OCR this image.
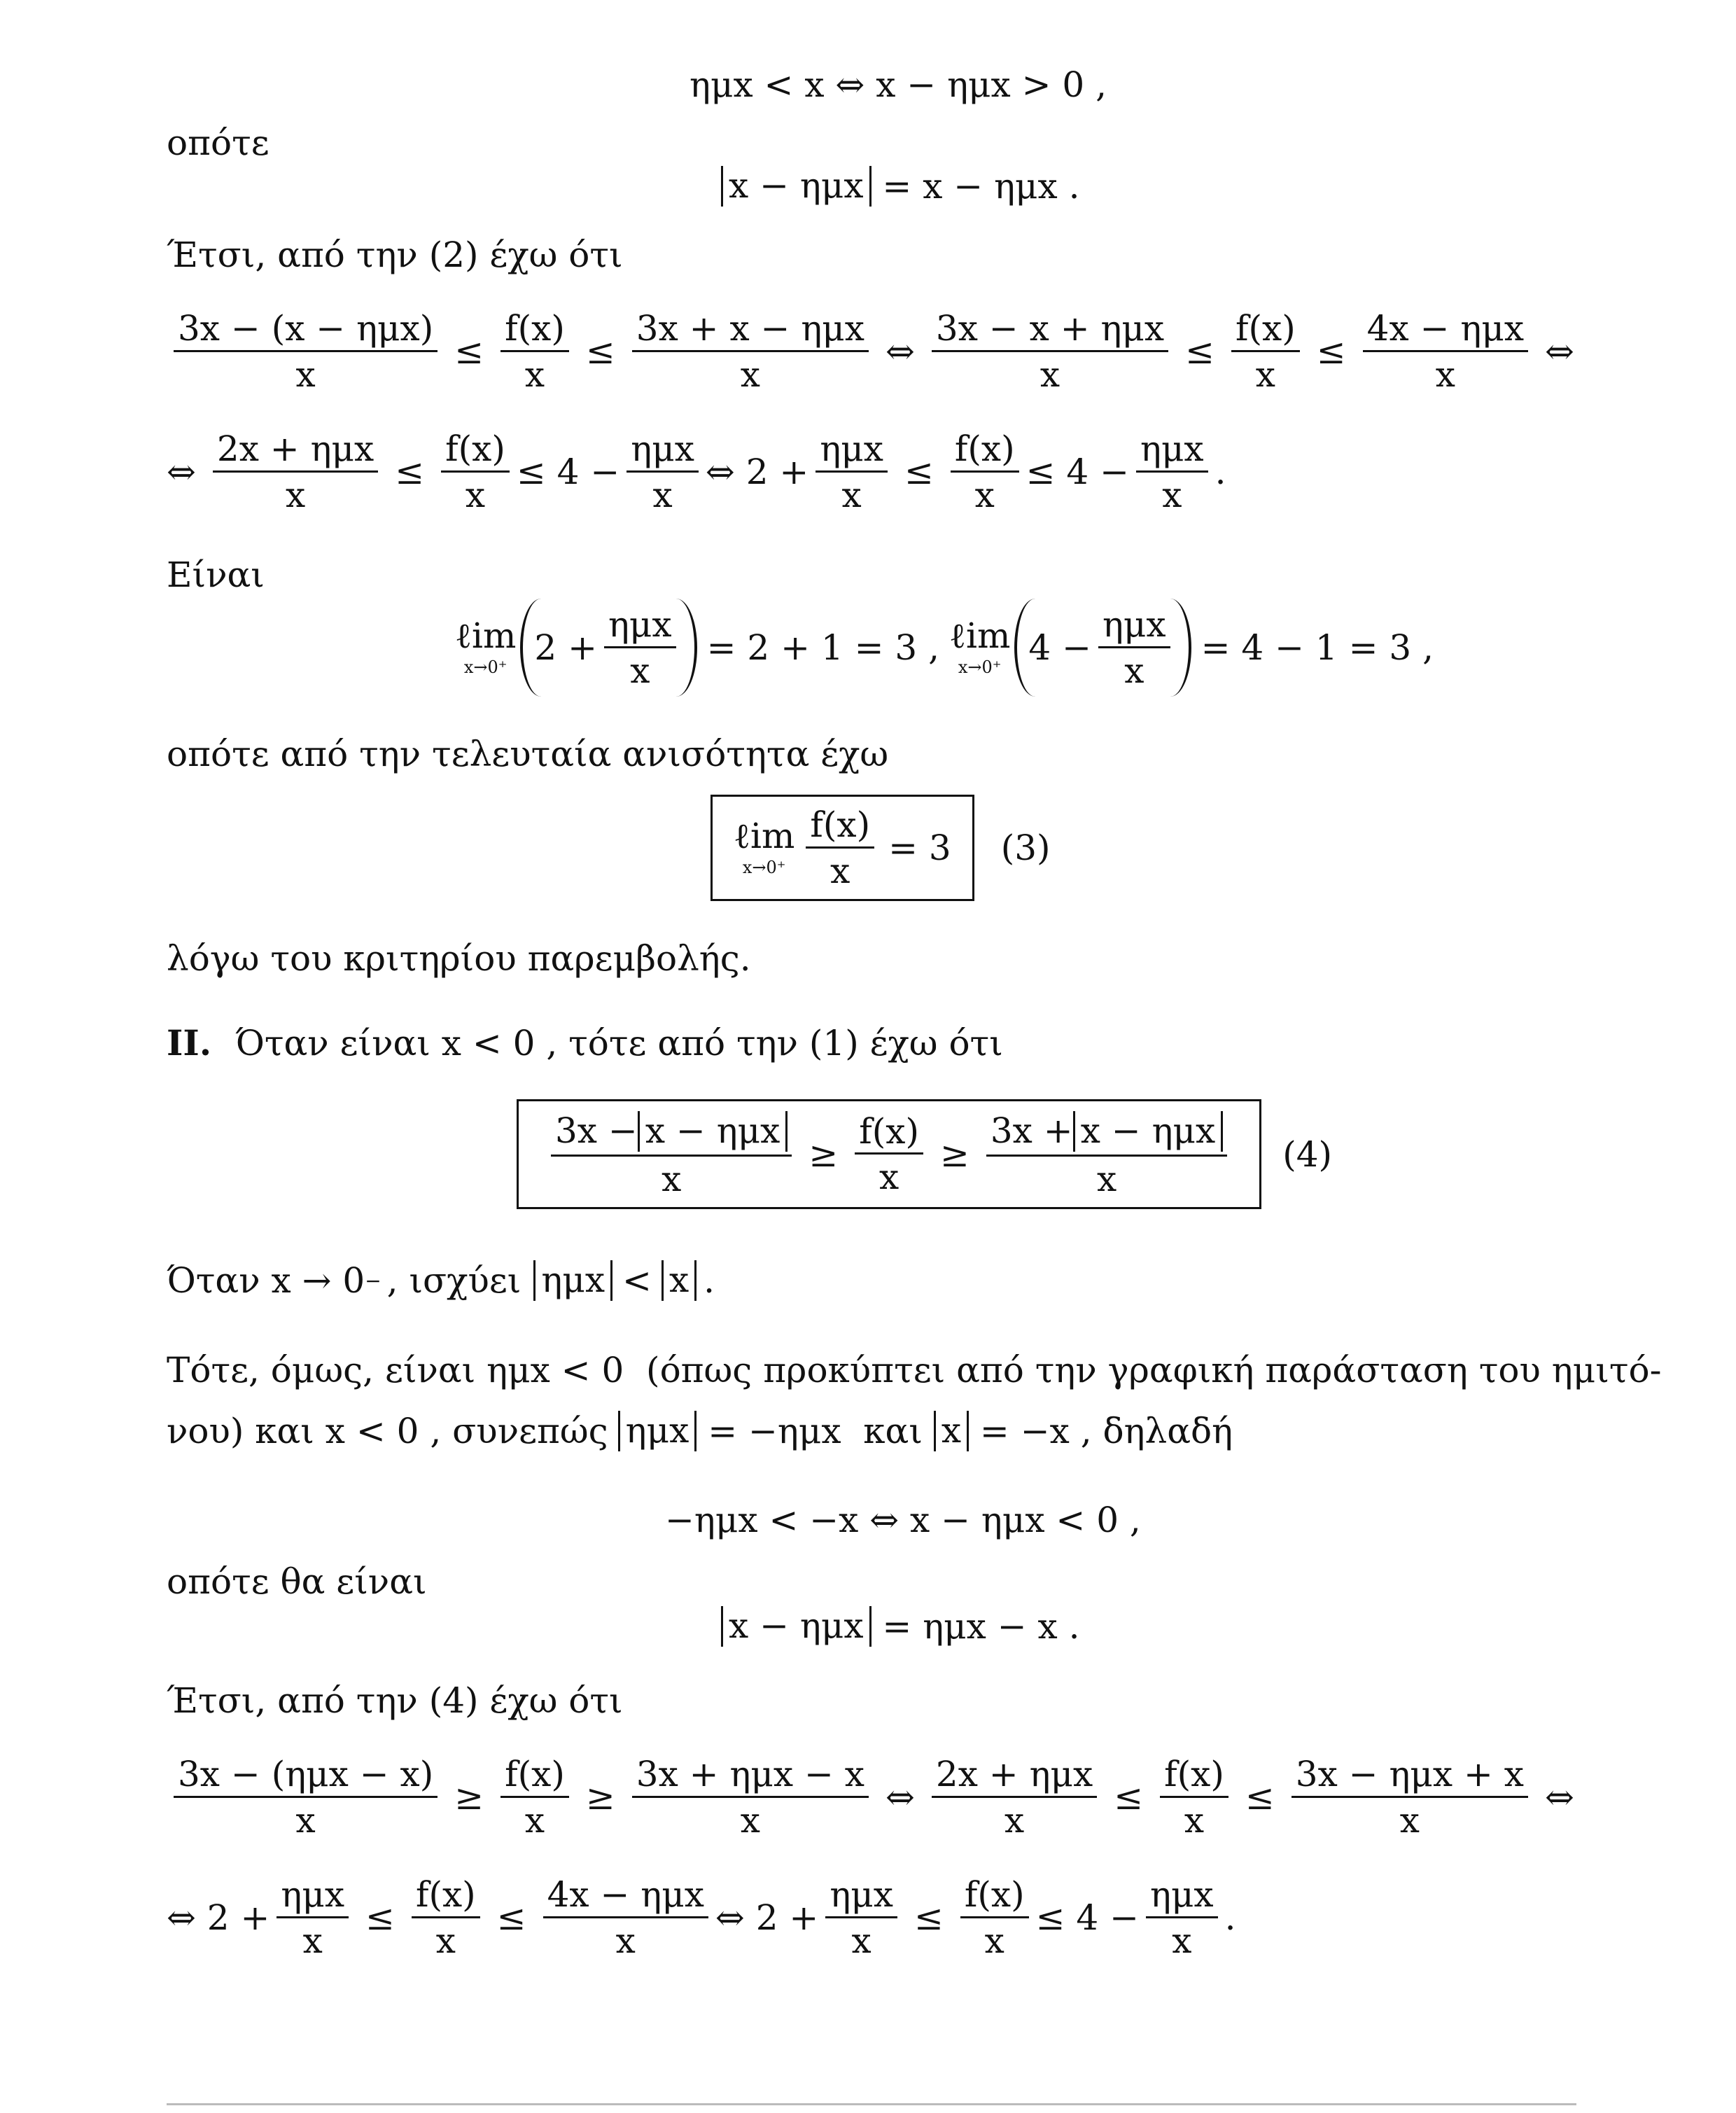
ημx < x ⇔ x − ημx > 0 ,
οπότε
x − ημx = x − ημx .
Έτσι, από την (2) έχω ότι
$\frac{\text{3x − (x − ημx)}}{x} \le \frac{f(x)}{x} \le \frac{\text{3x + x − ημx}}{x}$ ⇔ $\frac{\text{3x − x + ημx}}{x} \le \frac{f(x)}{x} \le \frac{\text{4x − ημx}}{x}$ ⇔
⇔ $\frac{\text{2x + ημx}}{x} \le \frac{f(x)}{x} \le 4 - \frac{\text{ημx}}{x}$ ⇔ $2 + \frac{\text{ημx}}{x} \le \frac{f(x)}{x} \le 4 - \frac{\text{ημx}}{x}$ .
Είναι
ℓim
x→0⁺ $2 + \frac{\text{ημx}}{x} = 2 + 1 = 3$ , ℓim
x→0⁺ $4 - \frac{\text{ημx}}{x} = 4 - 1 = 3$ ,
οπότε από την τελευταία ανισότητα έχω
ℓim
$x\to 0^+ \frac{f(x)}{x} = 3$ (3)
λόγω του κριτηρίου παρεμβολής.
ΙΙ. Όταν είναι x < 0 , τότε από την (1) έχω ότι
$\frac{\text{3x − x − ημx}}{x} \ge \frac{f(x)}{x} \ge \frac{\text{3x + x − ημx}}{x} (4)$
Όταν x → 0 − , ισχύει ημx < x .
Τότε, όμως, είναι ημx < 0  (όπως προκύπτει από την γραφική παράσταση του ημιτό-
νου) και x < 0 , συνεπώς ημx = −ημx  και x = −x , δηλαδή
−ημx < −x ⇔ x − ημx < 0 ,
οπότε θα είναι
x − ημx = ημx − x .
Έτσι, από την (4) έχω ότι
$\frac{\text{3x − (ημx − x)}}{x} \ge \frac{f(x)}{x} \ge \frac{\text{3x + ημx − x}}{x}$ ⇔ $\frac{\text{2x + ημx}}{x} \le \frac{f(x)}{x} \le \frac{\text{3x − ημx + x}}{x}$ ⇔
⇔ $2 + \frac{\text{ημx}}{x} \le \frac{f(x)}{x} \le \frac{\text{4x − ημx}}{x}$ ⇔ $2 + \frac{\text{ημx}}{x} \le \frac{f(x)}{x} \le 4 - \frac{\text{ημx}}{x}$ .
